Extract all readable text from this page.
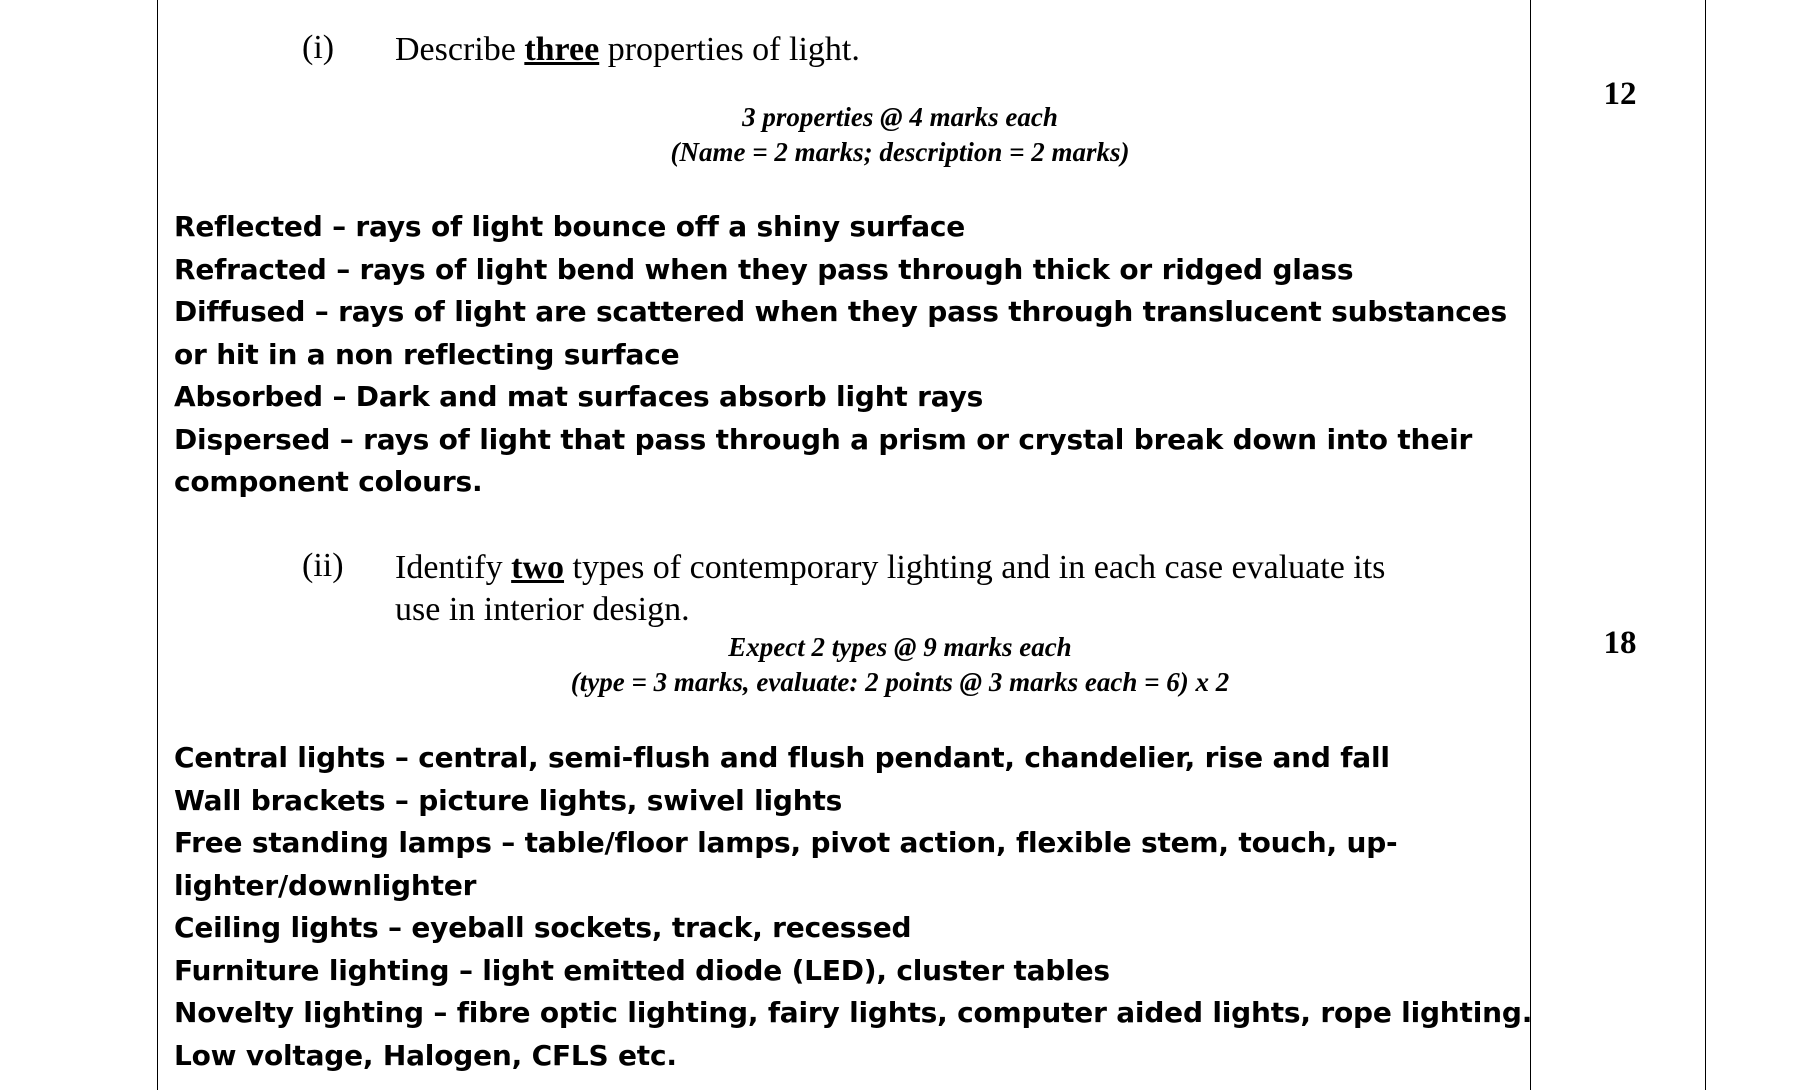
(i) Describe three properties of light.
3 properties @ 4 marks each
(Name = 2 marks; description = 2 marks)
12
Reflected – rays of light bounce off a shiny surface
Refracted – rays of light bend when they pass through thick or ridged glass
Diffused – rays of light are scattered when they pass through translucent substances
or hit in a non reflecting surface
Absorbed – Dark and mat surfaces absorb light rays
Dispersed – rays of light that pass through a prism or crystal break down into their
component colours.
(ii) Identify two types of contemporary lighting and in each case evaluate its
use in interior design.
Expect 2 types @ 9 marks each
(type = 3 marks, evaluate: 2 points @ 3 marks each = 6) x 2
18
Central lights – central, semi-flush and flush pendant, chandelier, rise and fall
Wall brackets – picture lights, swivel lights
Free standing lamps – table/floor lamps, pivot action, flexible stem, touch, up-
lighter/downlighter
Ceiling lights – eyeball sockets, track, recessed
Furniture lighting – light emitted diode (LED), cluster tables
Novelty lighting – fibre optic lighting, fairy lights, computer aided lights, rope lighting.
Low voltage, Halogen, CFLS etc.
